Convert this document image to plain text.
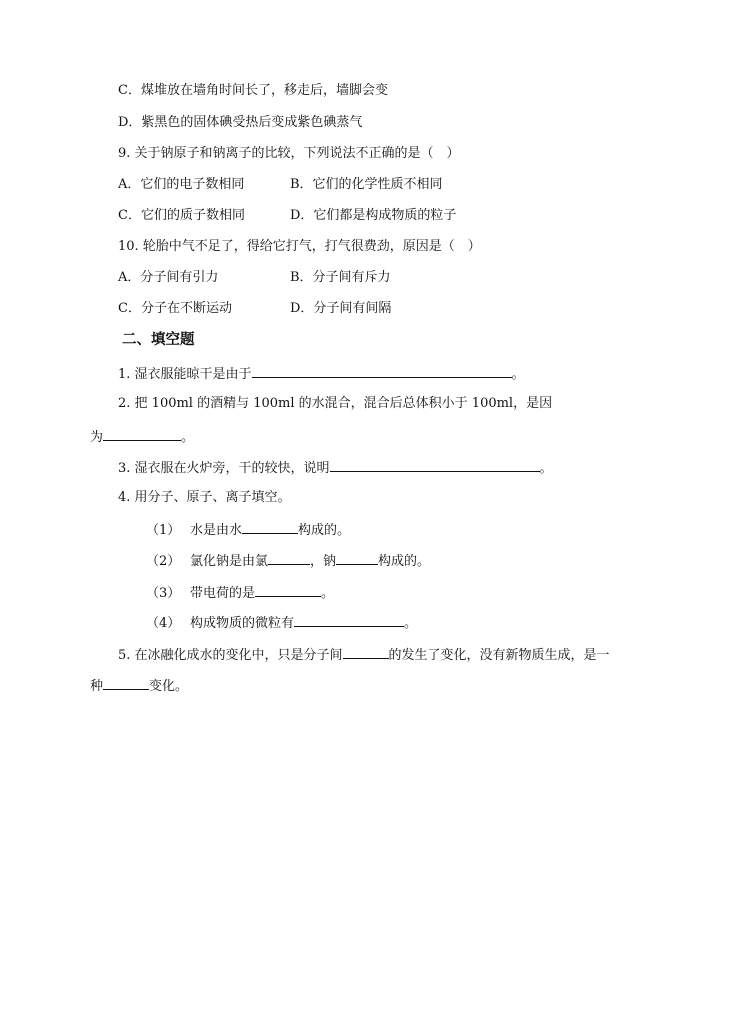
C．煤堆放在墙角时间长了，移走后，墙脚会变
D．紫黑色的固体碘受热后变成紫色碘蒸气
9. 关于钠原子和钠离子的比较，下列说法不正确的是（　）
A．它们的电子数相同	B．它们的化学性质不相同
C．它们的质子数相同	D．它们都是构成物质的粒子
10. 轮胎中气不足了，得给它打气，打气很费劲，原因是（　）
A．分子间有引力	B．分子间有斥力
C．分子在不断运动	D．分子间有间隔
二、填空题
1. 湿衣服能晾干是由于	。
2. 把 100ml 的酒精与 100ml 的水混合，混合后总体积小于 100ml，是因
为	。
3. 湿衣服在火炉旁，干的较快，说明	。
4. 用分子、原子、离子填空。
（1） 水是由水	构成的。
（2） 氯化钠是由氯	，钠	构成的。
（3） 带电荷的是	。
（4） 构成物质的微粒有	。
5. 在冰融化成水的变化中，只是分子间	的发生了变化，没有新物质生成，是一
种	变化。
